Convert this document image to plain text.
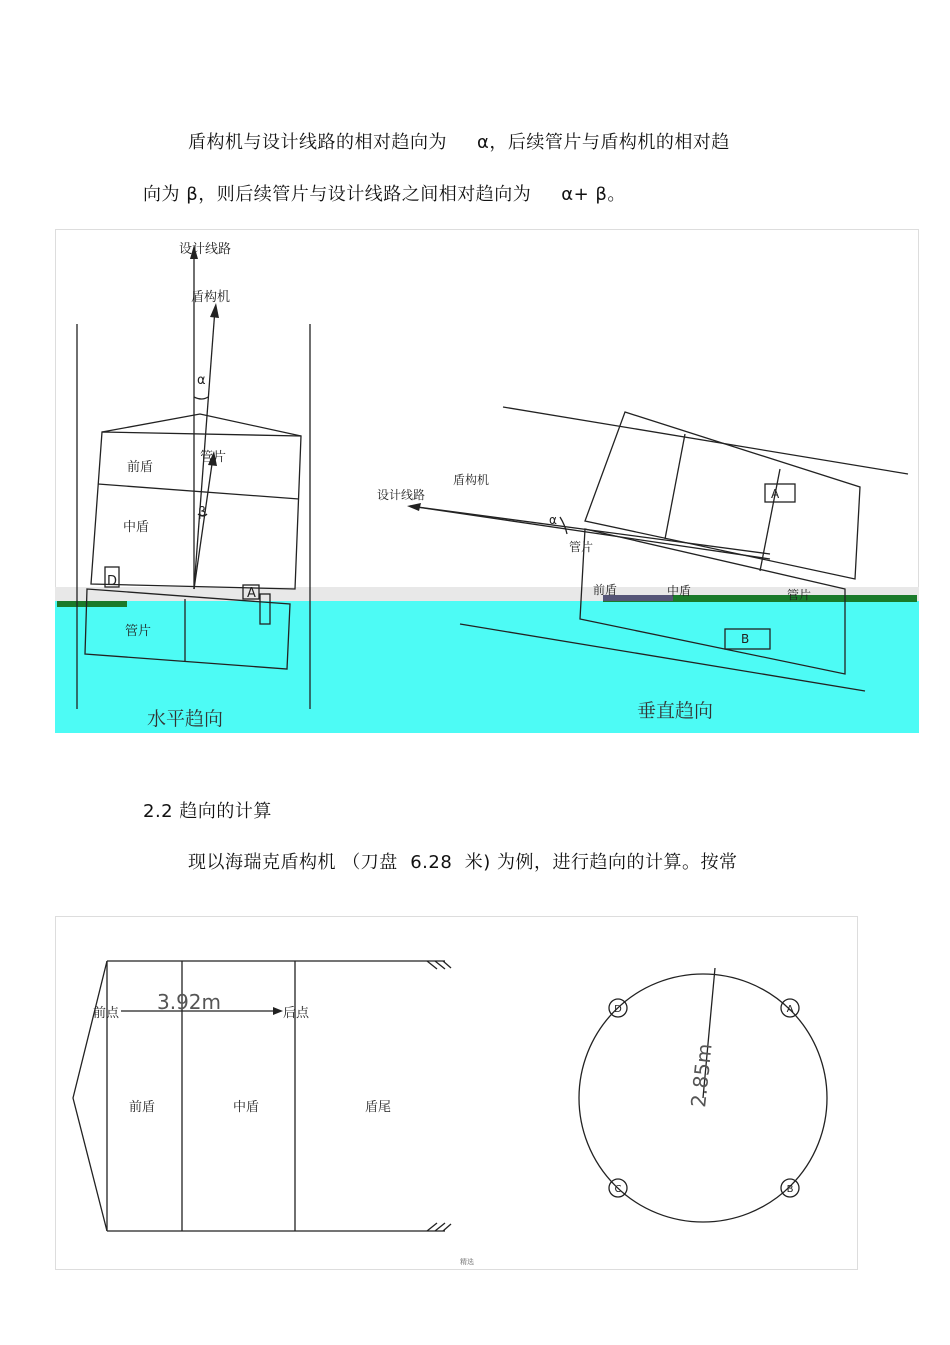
盾构机与设计线路的相对趋向为 α，后续管片与盾构机的相对趋
向为 β，则后续管片与设计线路之间相对趋向为 α+ β。
设计线路
盾构机
α
管片
前盾
中盾
β
D
A
管片
水平趋向
设计线路
盾构机
α
管片
前盾	中盾
A
B
管片
垂直趋向
2.2 趋向的计算
现以海瑞克盾构机 （刀盘 6.28 米) 为例，进行趋向的计算。按常
前点	后点
前盾	中盾	盾尾
3.92m
2.85m
D	A
C	B
精选
